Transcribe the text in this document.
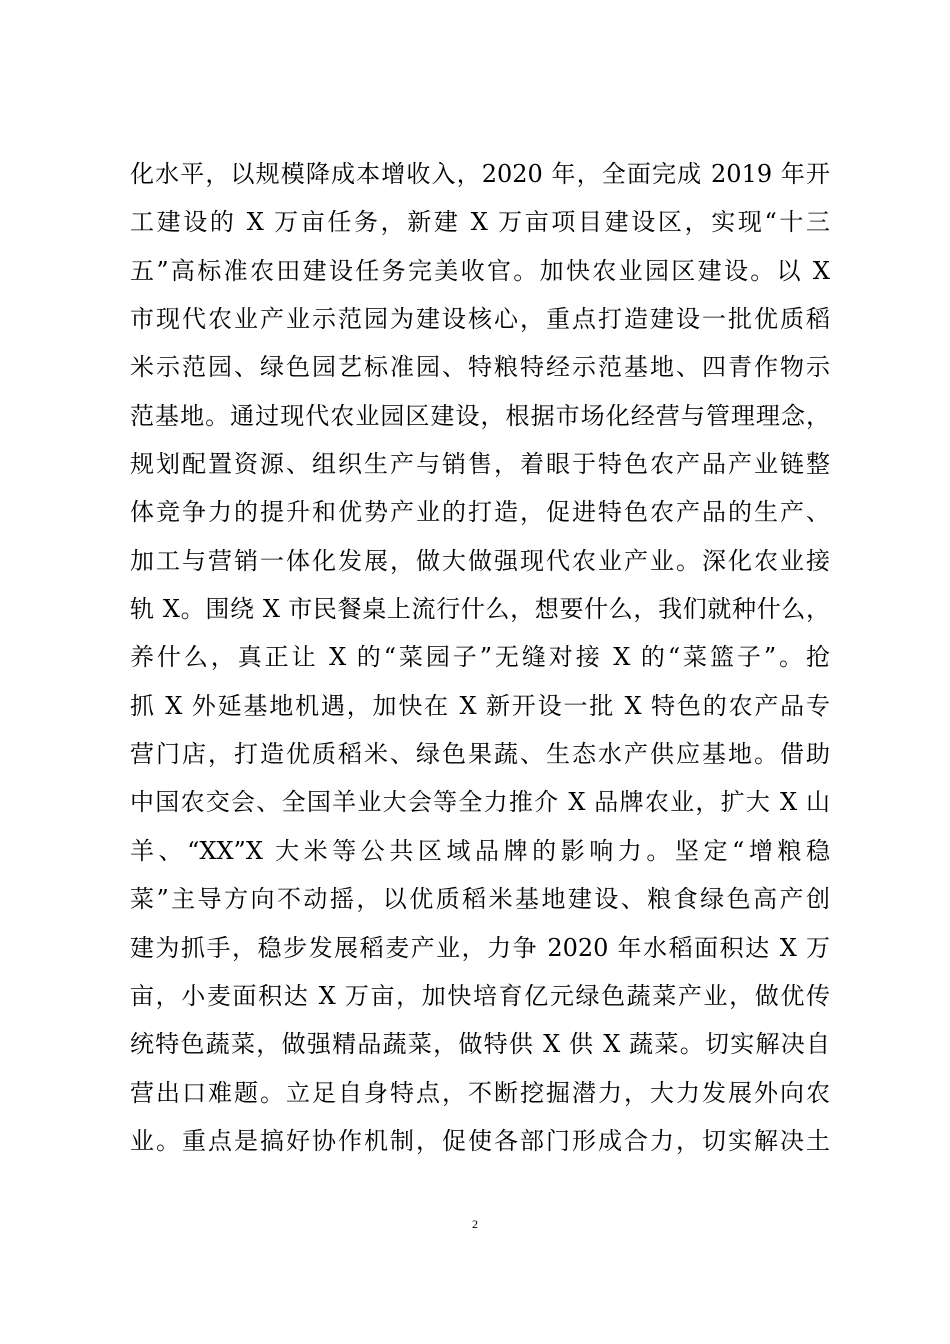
化水平，以规模降成本增收入，2020 年，全面完成 2019 年开
工建设的 X 万亩任务，新建 X 万亩项目建设区，实现“十三
五”高标准农田建设任务完美收官。加快农业园区建设。以 X
市现代农业产业示范园为建设核心，重点打造建设一批优质稻
米示范园、绿色园艺标准园、特粮特经示范基地、四青作物示
范基地。通过现代农业园区建设，根据市场化经营与管理理念，
规划配置资源、组织生产与销售，着眼于特色农产品产业链整
体竞争力的提升和优势产业的打造，促进特色农产品的生产、
加工与营销一体化发展，做大做强现代农业产业。深化农业接
轨 X。围绕 X 市民餐桌上流行什么，想要什么，我们就种什么，
养什么，真正让 X 的“菜园子”无缝对接 X 的“菜篮子”。抢
抓 X 外延基地机遇，加快在 X 新开设一批 X 特色的农产品专
营门店，打造优质稻米、绿色果蔬、生态水产供应基地。借助
中国农交会、全国羊业大会等全力推介 X 品牌农业，扩大 X 山
羊、“XX”X 大米等公共区域品牌的影响力。坚定“增粮稳
菜”主导方向不动摇，以优质稻米基地建设、粮食绿色高产创
建为抓手，稳步发展稻麦产业，力争 2020 年水稻面积达 X 万
亩，小麦面积达 X 万亩，加快培育亿元绿色蔬菜产业，做优传
统特色蔬菜，做强精品蔬菜，做特供 X 供 X 蔬菜。切实解决自
营出口难题。立足自身特点，不断挖掘潜力，大力发展外向农
业。重点是搞好协作机制，促使各部门形成合力，切实解决土
2
